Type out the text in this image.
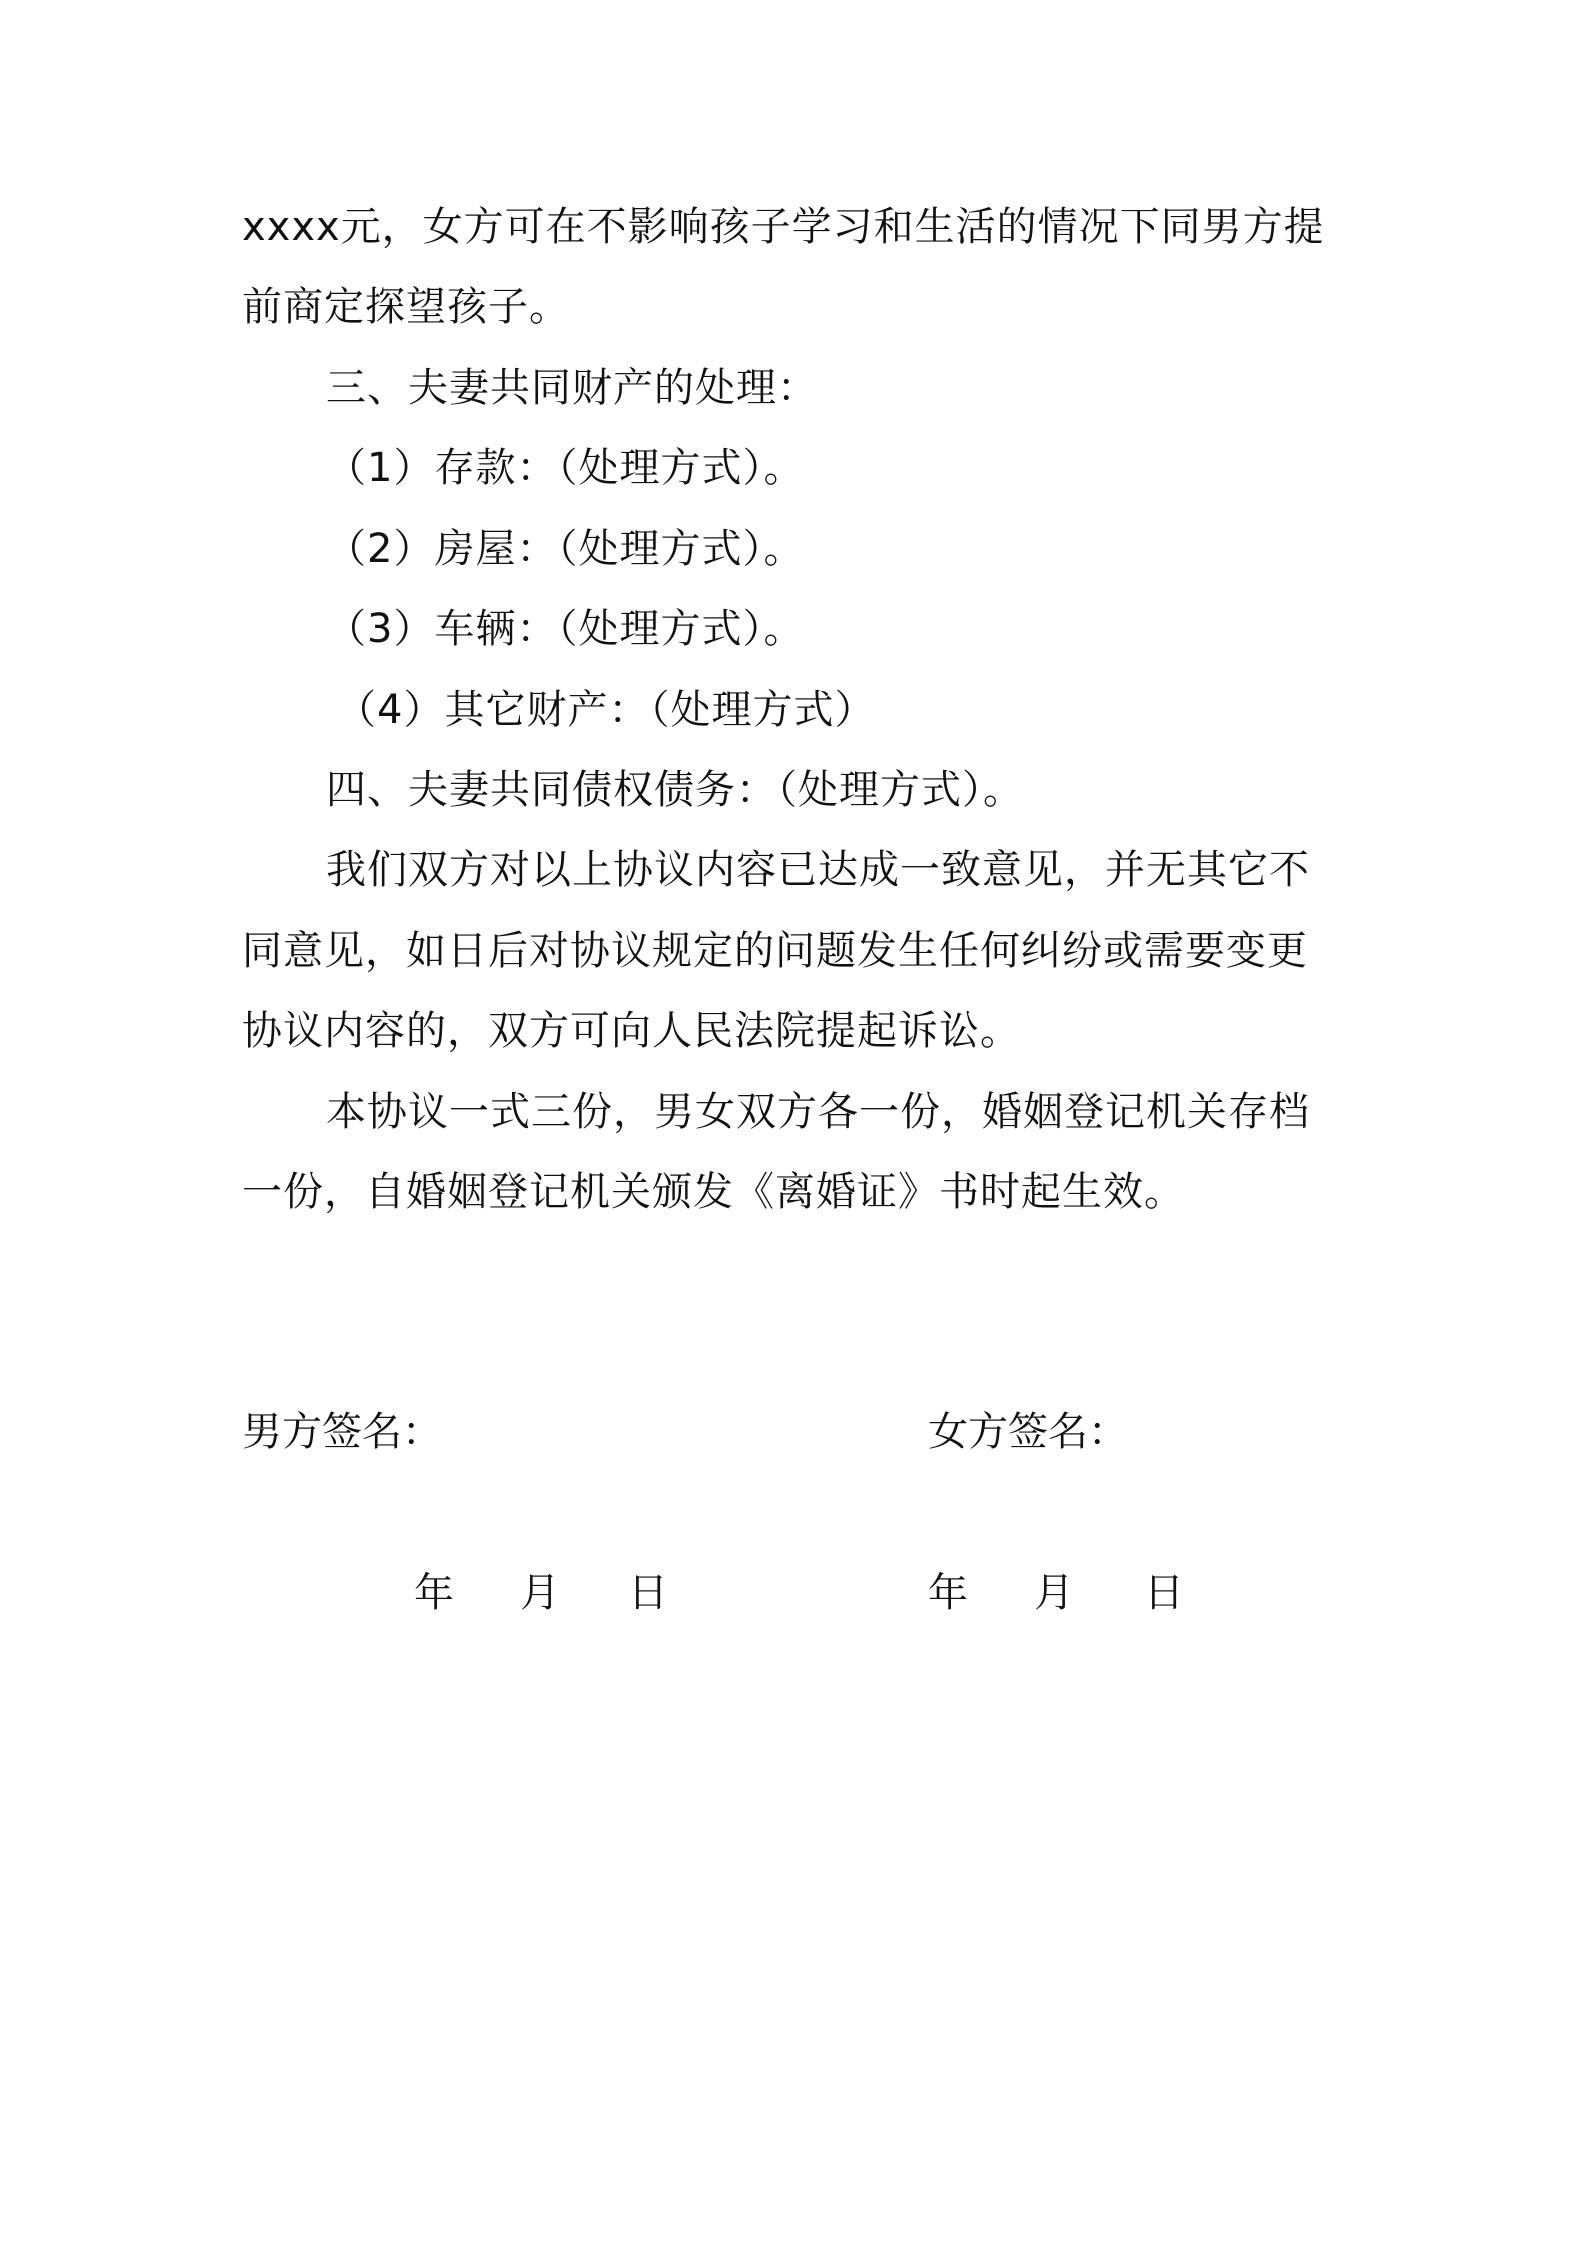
xxxx元，女方可在不影响孩子学习和生活的情况下同男方提
前商定探望孩子。
三、夫妻共同财产的处理：
（1）存款：（处理方式）。
（2）房屋：（处理方式）。
（3）车辆：（处理方式）。
（4）其它财产：（处理方式）
四、夫妻共同债权债务：（处理方式）。
我们双方对以上协议内容已达成一致意见，并无其它不
同意见，如日后对协议规定的问题发生任何纠纷或需要变更
协议内容的，双方可向人民法院提起诉讼。
本协议一式三份，男女双方各一份，婚姻登记机关存档
一份，自婚姻登记机关颁发《离婚证》书时起生效。
男方签名：	女方签名：
年 月 日	年 月 日
